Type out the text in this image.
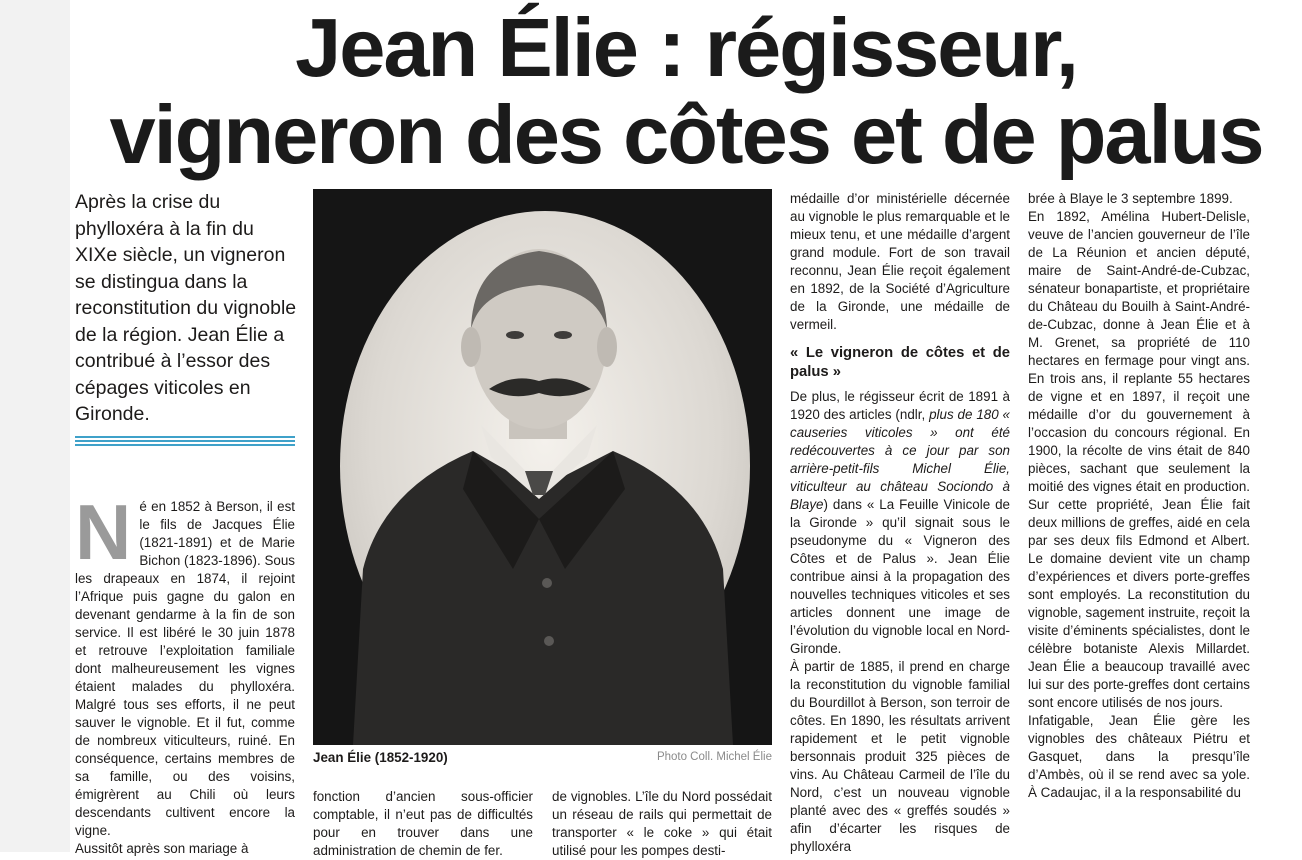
Jean Élie : régisseur,
vigneron des côtes et de palus
Après la crise du phylloxéra à la fin du XIXe siècle, un vigneron se distingua dans la reconstitution du vignoble de la région. Jean Élie a contribué à l’essor des cépages viticoles en Gironde.
N é en 1852 à Berson, il est le fils de Jacques Élie (1821-1891) et de Marie Bichon (1823-1896). Sous les drapeaux en 1874, il rejoint l’Afrique puis gagne du galon en devenant gendarme à la fin de son service. Il est libéré le 30 juin 1878 et retrouve l’exploitation familiale dont malheureusement les vignes étaient malades du phylloxéra. Malgré tous ses efforts, il ne peut sauver le vignoble. Et il fut, comme de nombreux viticulteurs, ruiné. En conséquence, certains membres de sa famille, ou des voisins, émigrèrent au Chili où leurs descendants cultivent encore la vigne.

Aussitôt après son mariage à

Jean Élie (1852-1920)	Photo Coll. Michel Élie

fonction d’ancien sous-officier comptable, il n’eut pas de difficultés pour en trouver dans une administration de chemin de fer.

de vignobles. L’île du Nord possédait un réseau de rails qui permettait de transporter « le coke » qui était utilisé pour les pompes desti-

médaille d’or ministérielle décernée au vignoble le plus remarquable et le mieux tenu, et une médaille d’argent grand module. Fort de son travail reconnu, Jean Élie reçoit également en 1892, de la Société d’Agriculture de la Gironde, une médaille de vermeil.

« Le vigneron de côtes et de palus »

De plus, le régisseur écrit de 1891 à 1920 des articles (ndlr, plus de 180 « causeries viticoles » ont été redécouvertes à ce jour par son arrière-petit-fils Michel Élie, viticulteur au château Sociondo à Blaye) dans « La Feuille Vinicole de la Gironde » qu’il signait sous le pseudonyme du « Vigneron des Côtes et de Palus ». Jean Élie contribue ainsi à la propagation des nouvelles techniques viticoles et ses articles donnent une image de l’évolution du vignoble local en Nord-Gironde.

À partir de 1885, il prend en charge la reconstitution du vignoble familial du Bourdillot à Berson, son terroir de côtes. En 1890, les résultats arrivent rapidement et le petit vignoble bersonnais produit 325 pièces de vins. Au Château Carmeil de l’île du Nord, c’est un nouveau vignoble planté avec des « greffés soudés » afin d’écarter les risques de phylloxéra

brée à Blaye le 3 septembre 1899.

En 1892, Amélina Hubert-Delisle, veuve de l’ancien gouverneur de l’île de La Réunion et ancien député, maire de Saint-André-de-Cubzac, sénateur bonapartiste, et propriétaire du Château du Bouilh à Saint-André-de-Cubzac, donne à Jean Élie et à M. Grenet, sa propriété de 110 hectares en fermage pour vingt ans. En trois ans, il replante 55 hectares de vigne et en 1897, il reçoit une médaille d’or du gouvernement à l’occasion du concours régional. En 1900, la récolte de vins était de 840 pièces, sachant que seulement la moitié des vignes était en production. Sur cette propriété, Jean Élie fait deux millions de greffes, aidé en cela par ses deux fils Edmond et Albert. Le domaine devient vite un champ d’expériences et divers porte-greffes sont employés. La reconstitution du vignoble, sagement instruite, reçoit la visite d’éminents spécialistes, dont le célèbre botaniste Alexis Millardet. Jean Élie a beaucoup travaillé avec lui sur des porte-greffes dont certains sont encore utilisés de nos jours.

Infatigable, Jean Élie gère les vignobles des châteaux Piétru et Gasquet, dans la presqu’île d’Ambès, où il se rend avec sa yole. À Cadaujac, il a la responsabilité du
